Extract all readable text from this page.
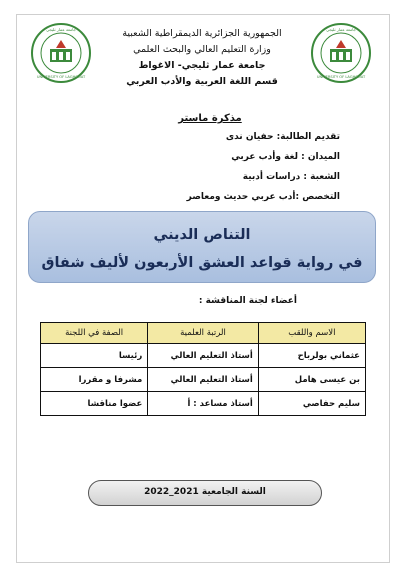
جامعة عمار ثليجي
UNIVERSITY OF LAGHOUAT
جامعة عمار ثليجي
UNIVERSITY OF LAGHOUAT
الجمهورية الجزائرية الديمقراطية الشعبية
وزارة التعليم العالي والبحث العلمي
جامعة عمار ثليجي- الاغواط
قسم اللغة العربية والأدب العربي
مذكرة ماستر
تقديم الطالبة: حفيان ندى
الميدان : لغة وأدب عربي
الشعبة : دراسات أدبية
التخصص :أدب عربي حديث ومعاصر
التناص الديني
في رواية قواعد العشق الأربعون لأليف شفاق
أعضاء لجنة المناقشة :
الاسم واللقب	الرتبة العلمية	الصفة في اللجنة
عثماني بولرباح	أستاذ التعليم العالي	رئيسا
بن عيسى هامل	أستاذ التعليم العالي	مشرفا و مقررا
سليم حفاصي	أستاذ مساعد : أ	عضوا مناقشا
السنة الجامعية 2021_2022
